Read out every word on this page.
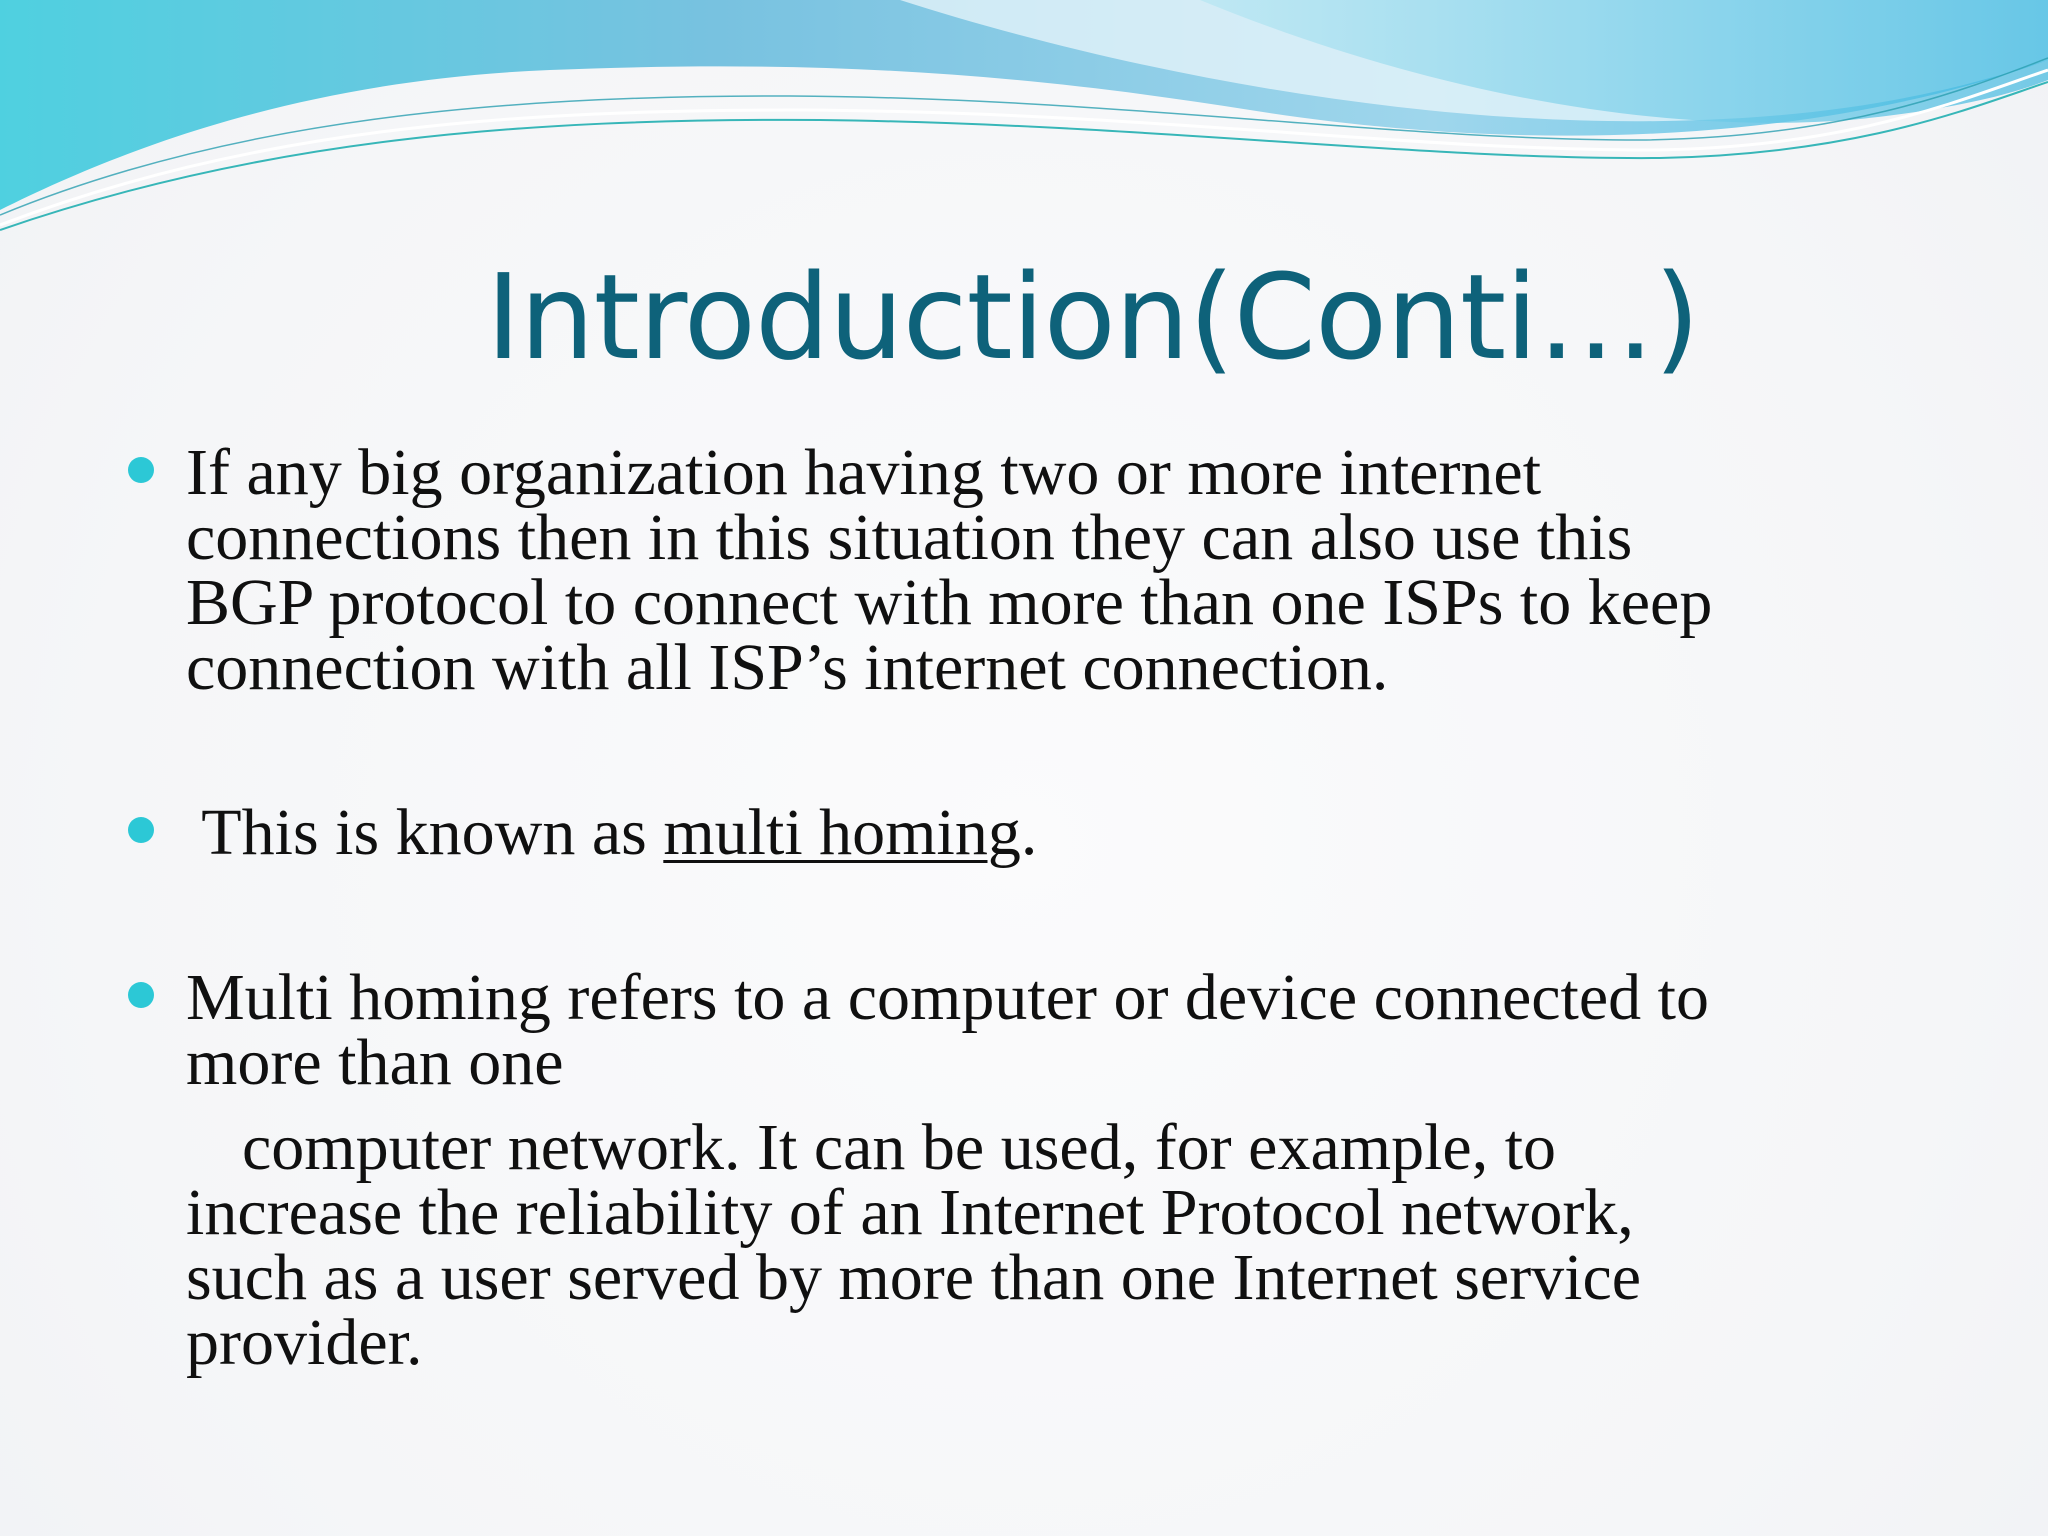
Introduction(Conti…)

If any big organization having two or more internet

connections then in this situation they can also use this

BGP protocol to connect with more than one ISPs to keep

connection with all ISP’s internet connection.

This is known as multi homing.

Multi homing refers to a computer or device connected to

more than one

computer network. It can be used, for example, to

increase the reliability of an Internet Protocol network,

such as a user served by more than one Internet service

provider.
